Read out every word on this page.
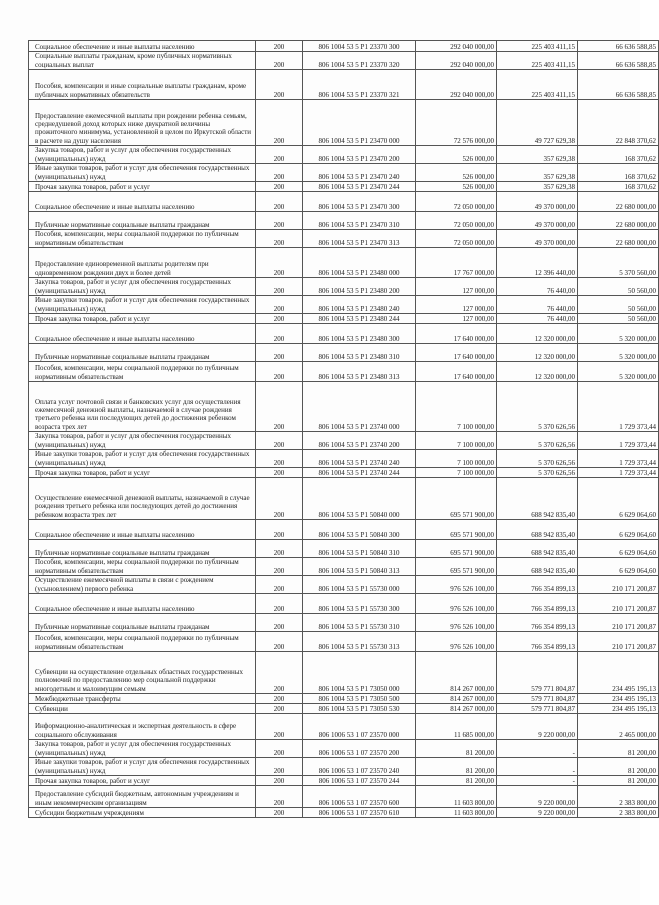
Социальное обеспечение и иные выплаты населению	200	806 1004 53 5 P1 23370 300	292 040 000,00	225 403 411,15	66 636 588,85

Социальные выплаты гражданам, кроме публичных нормативных социальных выплат	200	806 1004 53 5 P1 23370 320	292 040 000,00	225 403 411,15	66 636 588,85

Пособия, компенсации и иные социальные выплаты гражданам, кроме публичных нормативных обязательств	200	806 1004 53 5 P1 23370 321	292 040 000,00	225 403 411,15	66 636 588,85

Предоставление ежемесячной выплаты при рождении ребенка семьям, среднедушевой доход которых ниже двукратной величины прожиточного минимума, установленной в целом по Иркутской области в расчете на душу населения	200	806 1004 53 5 P1 23470 000	72 576 000,00	49 727 629,38	22 848 370,62

Закупка товаров, работ и услуг для обеспечения государственных (муниципальных) нужд	200	806 1004 53 5 P1 23470 200	526 000,00	357 629,38	168 370,62

Иные закупки товаров, работ и услуг для обеспечения государственных (муниципальных) нужд	200	806 1004 53 5 P1 23470 240	526 000,00	357 629,38	168 370,62

Прочая закупка товаров, работ и услуг	200	806 1004 53 5 P1 23470 244	526 000,00	357 629,38	168 370,62

Социальное обеспечение и иные выплаты населению	200	806 1004 53 5 P1 23470 300	72 050 000,00	49 370 000,00	22 680 000,00

Публичные нормативные социальные выплаты гражданам	200	806 1004 53 5 P1 23470 310	72 050 000,00	49 370 000,00	22 680 000,00

Пособия, компенсации, меры социальной поддержки по публичным нормативным обязательствам	200	806 1004 53 5 P1 23470 313	72 050 000,00	49 370 000,00	22 680 000,00

Предоставление единовременной выплаты родителям при одновременном рождении двух и более детей	200	806 1004 53 5 P1 23480 000	17 767 000,00	12 396 440,00	5 370 560,00

Закупка товаров, работ и услуг для обеспечения государственных (муниципальных) нужд	200	806 1004 53 5 P1 23480 200	127 000,00	76 440,00	50 560,00

Иные закупки товаров, работ и услуг для обеспечения государственных (муниципальных) нужд	200	806 1004 53 5 P1 23480 240	127 000,00	76 440,00	50 560,00

Прочая закупка товаров, работ и услуг	200	806 1004 53 5 P1 23480 244	127 000,00	76 440,00	50 560,00

Социальное обеспечение и иные выплаты населению	200	806 1004 53 5 P1 23480 300	17 640 000,00	12 320 000,00	5 320 000,00

Публичные нормативные социальные выплаты гражданам	200	806 1004 53 5 P1 23480 310	17 640 000,00	12 320 000,00	5 320 000,00

Пособия, компенсации, меры социальной поддержки по публичным нормативным обязательствам	200	806 1004 53 5 P1 23480 313	17 640 000,00	12 320 000,00	5 320 000,00

Оплата услуг почтовой связи и банковских услуг для осуществления ежемесячной денежной выплаты, назначаемой в случае рождения третьего ребенка или последующих детей до достижения ребенком возраста трех лет	200	806 1004 53 5 P1 23740 000	7 100 000,00	5 370 626,56	1 729 373,44

Закупка товаров, работ и услуг для обеспечения государственных (муниципальных) нужд	200	806 1004 53 5 P1 23740 200	7 100 000,00	5 370 626,56	1 729 373,44

Иные закупки товаров, работ и услуг для обеспечения государственных (муниципальных) нужд	200	806 1004 53 5 P1 23740 240	7 100 000,00	5 370 626,56	1 729 373,44

Прочая закупка товаров, работ и услуг	200	806 1004 53 5 P1 23740 244	7 100 000,00	5 370 626,56	1 729 373,44

Осуществление ежемесячной денежной выплаты, назначаемой в случае рождения третьего ребенка или последующих детей до достижения ребенком возраста трех лет	200	806 1004 53 5 P1 50840 000	695 571 900,00	688 942 835,40	6 629 064,60

Социальное обеспечение и иные выплаты населению	200	806 1004 53 5 P1 50840 300	695 571 900,00	688 942 835,40	6 629 064,60

Публичные нормативные социальные выплаты гражданам	200	806 1004 53 5 P1 50840 310	695 571 900,00	688 942 835,40	6 629 064,60

Пособия, компенсации, меры социальной поддержки по публичным нормативным обязательствам	200	806 1004 53 5 P1 50840 313	695 571 900,00	688 942 835,40	6 629 064,60

Осуществление ежемесячной выплаты в связи с рождением (усыновлением) первого ребенка	200	806 1004 53 5 P1 55730 000	976 526 100,00	766 354 899,13	210 171 200,87

Социальное обеспечение и иные выплаты населению	200	806 1004 53 5 P1 55730 300	976 526 100,00	766 354 899,13	210 171 200,87

Публичные нормативные социальные выплаты гражданам	200	806 1004 53 5 P1 55730 310	976 526 100,00	766 354 899,13	210 171 200,87

Пособия, компенсации, меры социальной поддержки по публичным нормативным обязательствам	200	806 1004 53 5 P1 55730 313	976 526 100,00	766 354 899,13	210 171 200,87

Субвенции на осуществление отдельных областных государственных полномочий по предоставлению мер социальной поддержки многодетным и малоимущим семьям	200	806 1004 53 5 P1 73050 000	814 267 000,00	579 771 804,87	234 495 195,13

Межбюджетные трансферты	200	806 1004 53 5 P1 73050 500	814 267 000,00	579 771 804,87	234 495 195,13

Субвенции	200	806 1004 53 5 P1 73050 530	814 267 000,00	579 771 804,87	234 495 195,13

Информационно-аналитическая и экспертная деятельность в сфере социального обслуживания	200	806 1006 53 1 07 23570 000	11 685 000,00	9 220 000,00	2 465 000,00

Закупка товаров, работ и услуг для обеспечения государственных (муниципальных) нужд	200	806 1006 53 1 07 23570 200	81 200,00	-	81 200,00

Иные закупки товаров, работ и услуг для обеспечения государственных (муниципальных) нужд	200	806 1006 53 1 07 23570 240	81 200,00	-	81 200,00

Прочая закупка товаров, работ и услуг	200	806 1006 53 1 07 23570 244	81 200,00	-	81 200,00

Предоставление субсидий бюджетным, автономным учреждениям и иным некоммерческим организациям	200	806 1006 53 1 07 23570 600	11 603 800,00	9 220 000,00	2 383 800,00

Субсидии бюджетным учреждениям	200	806 1006 53 1 07 23570 610	11 603 800,00	9 220 000,00	2 383 800,00
